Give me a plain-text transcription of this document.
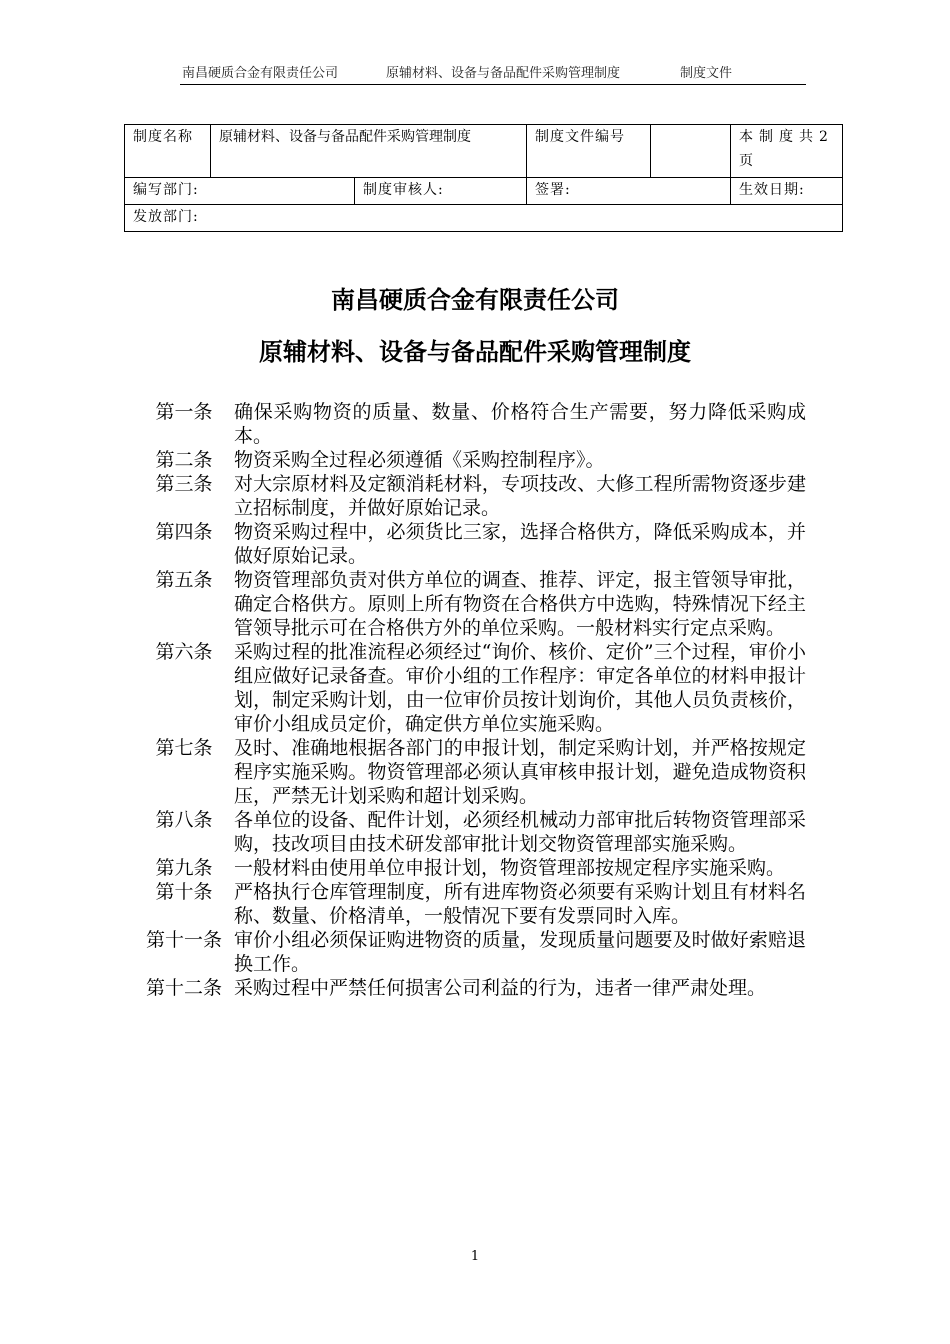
南昌硬质合金有限责任公司	原辅材料、设备与备品配件采购管理制度	制度文件
制度名称	原辅材料、设备与备品配件采购管理制度		制度文件编号		本制度共2页
编写部门:		制度审核人:	签署:		生效日期:
发放部门:					
南昌硬质合金有限责任公司
原辅材料、设备与备品配件采购管理制度
第一条	确保采购物资的质量、数量、价格符合生产需要，努力降低采购成本。
第二条	物资采购全过程必须遵循《采购控制程序》。
第三条	对大宗原材料及定额消耗材料，专项技改、大修工程所需物资逐步建立招标制度，并做好原始记录。
第四条	物资采购过程中，必须货比三家，选择合格供方，降低采购成本，并做好原始记录。
第五条	物资管理部负责对供方单位的调查、推荐、评定，报主管领导审批，确定合格供方。原则上所有物资在合格供方中选购，特殊情况下经主管领导批示可在合格供方外的单位采购。一般材料实行定点采购。
第六条	采购过程的批准流程必须经过“询价、核价、定价”三个过程，审价小组应做好记录备查。审价小组的工作程序：审定各单位的材料申报计划，制定采购计划，由一位审价员按计划询价，其他人员负责核价，审价小组成员定价，确定供方单位实施采购。
第七条	及时、准确地根据各部门的申报计划，制定采购计划，并严格按规定程序实施采购。物资管理部必须认真审核申报计划，避免造成物资积压，严禁无计划采购和超计划采购。
第八条	各单位的设备、配件计划，必须经机械动力部审批后转物资管理部采购，技改项目由技术研发部审批计划交物资管理部实施采购。
第九条	一般材料由使用单位申报计划，物资管理部按规定程序实施采购。
第十条	严格执行仓库管理制度，所有进库物资必须要有采购计划且有材料名称、数量、价格清单，一般情况下要有发票同时入库。
第十一条 审价小组必须保证购进物资的质量，发现质量问题要及时做好索赔退换工作。
第十二条 采购过程中严禁任何损害公司利益的行为，违者一律严肃处理。
1
